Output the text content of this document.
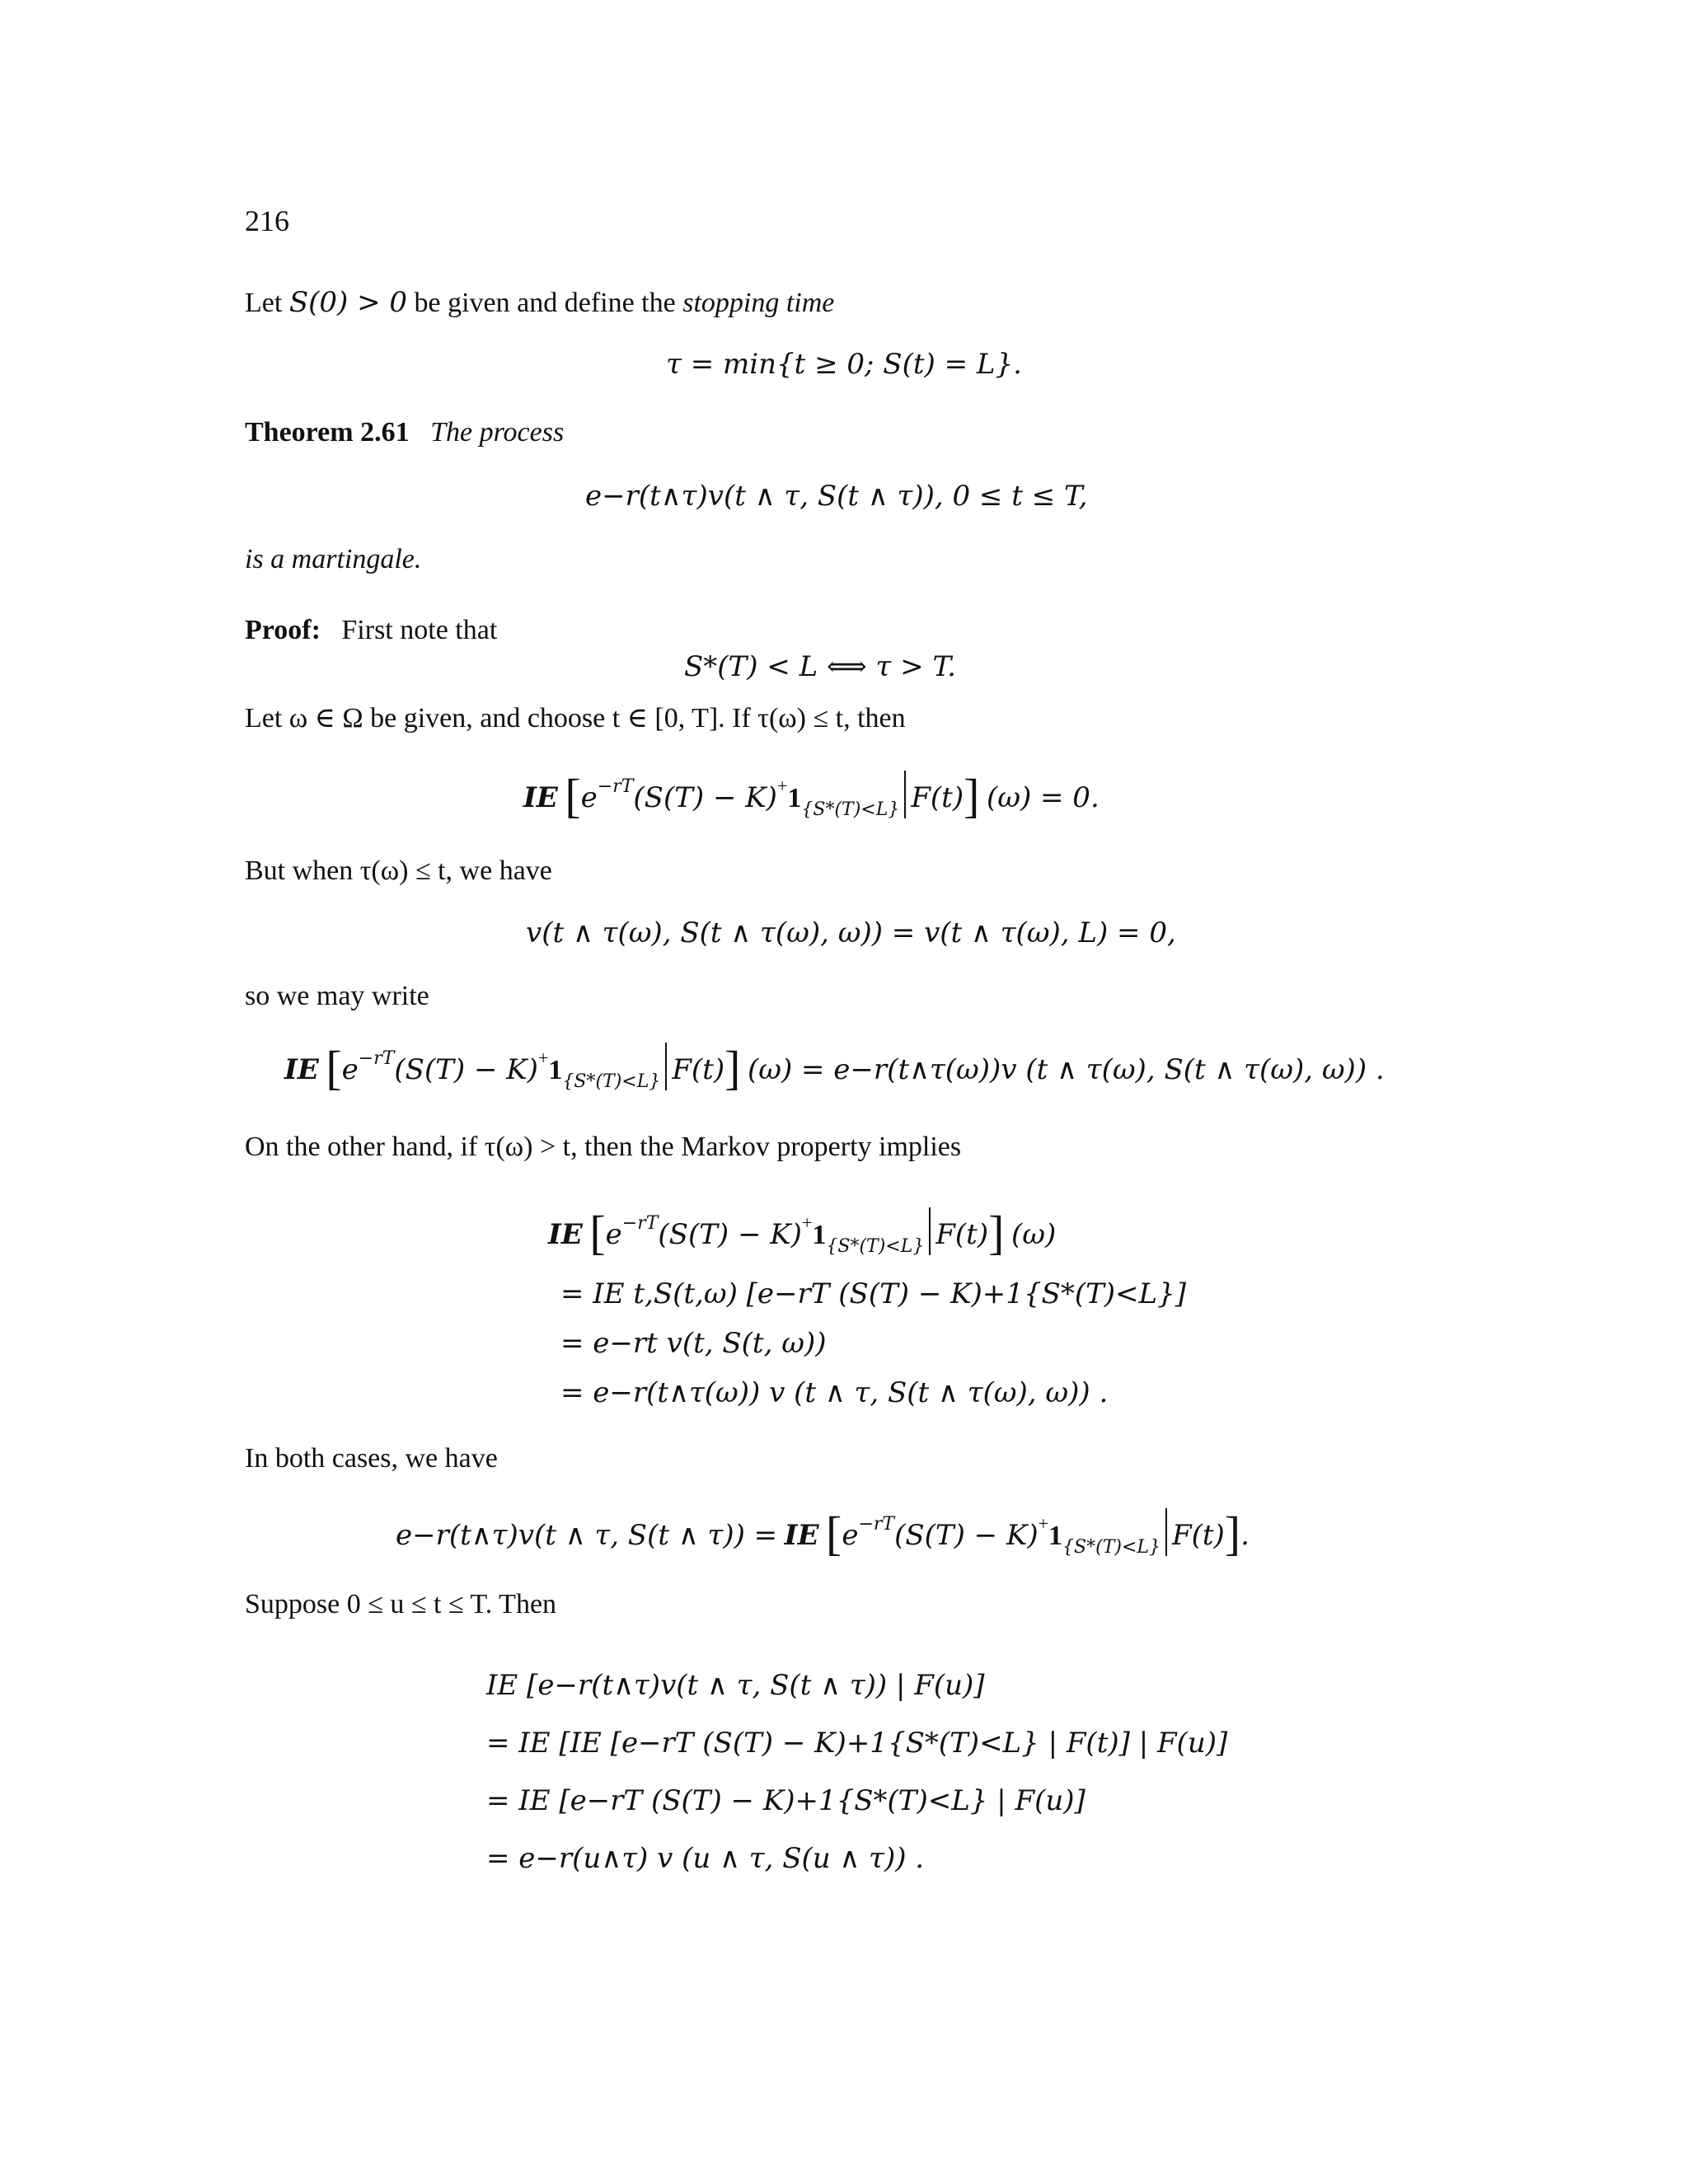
216
Let S(0) > 0 be given and define the stopping time
τ = min{t ≥ 0; S(t) = L}.
Theorem 2.61 The process
e−r(t∧τ)v(t ∧ τ, S(t ∧ τ)), 0 ≤ t ≤ T,
is a martingale.
Proof: First note that
S*(T) < L ⟺ τ > T.
Let ω ∈ Ω be given, and choose t ∈ [0, T]. If τ(ω) ≤ t, then
IE [$e^{-rT}(S(T) - K)^+1_{\{S*(T)<L\}}$ F(t)] (ω) = 0.
But when τ(ω) ≤ t, we have
v(t ∧ τ(ω), S(t ∧ τ(ω), ω)) = v(t ∧ τ(ω), L) = 0,
so we may write
IE [$e^{-rT}(S(T) - K)^+1_{\{S*(T)<L\}}$ F(t)] (ω) = e−r(t∧τ(ω))v (t ∧ τ(ω), S(t ∧ τ(ω), ω)) .
On the other hand, if τ(ω) > t, then the Markov property implies
IE [$e^{-rT}(S(T) - K)^+1_{\{S*(T)<L\}}$ F(t)] (ω)
= IE t,S(t,ω) [e−rT (S(T) − K)+1{S*(T)<L}]
= e−rt v(t, S(t, ω))
= e−r(t∧τ(ω)) v (t ∧ τ, S(t ∧ τ(ω), ω)) .
In both cases, we have
e−r(t∧τ)v(t ∧ τ, S(t ∧ τ)) = IE [$e^{-rT}(S(T) - K)^+1_{\{S*(T)<L\}}$ F(t)].
Suppose 0 ≤ u ≤ t ≤ T. Then
IE [e−r(t∧τ)v(t ∧ τ, S(t ∧ τ)) | F(u)]
= IE [IE [e−rT (S(T) − K)+1{S*(T)<L} | F(t)] | F(u)]
= IE [e−rT (S(T) − K)+1{S*(T)<L} | F(u)]
= e−r(u∧τ) v (u ∧ τ, S(u ∧ τ)) .
